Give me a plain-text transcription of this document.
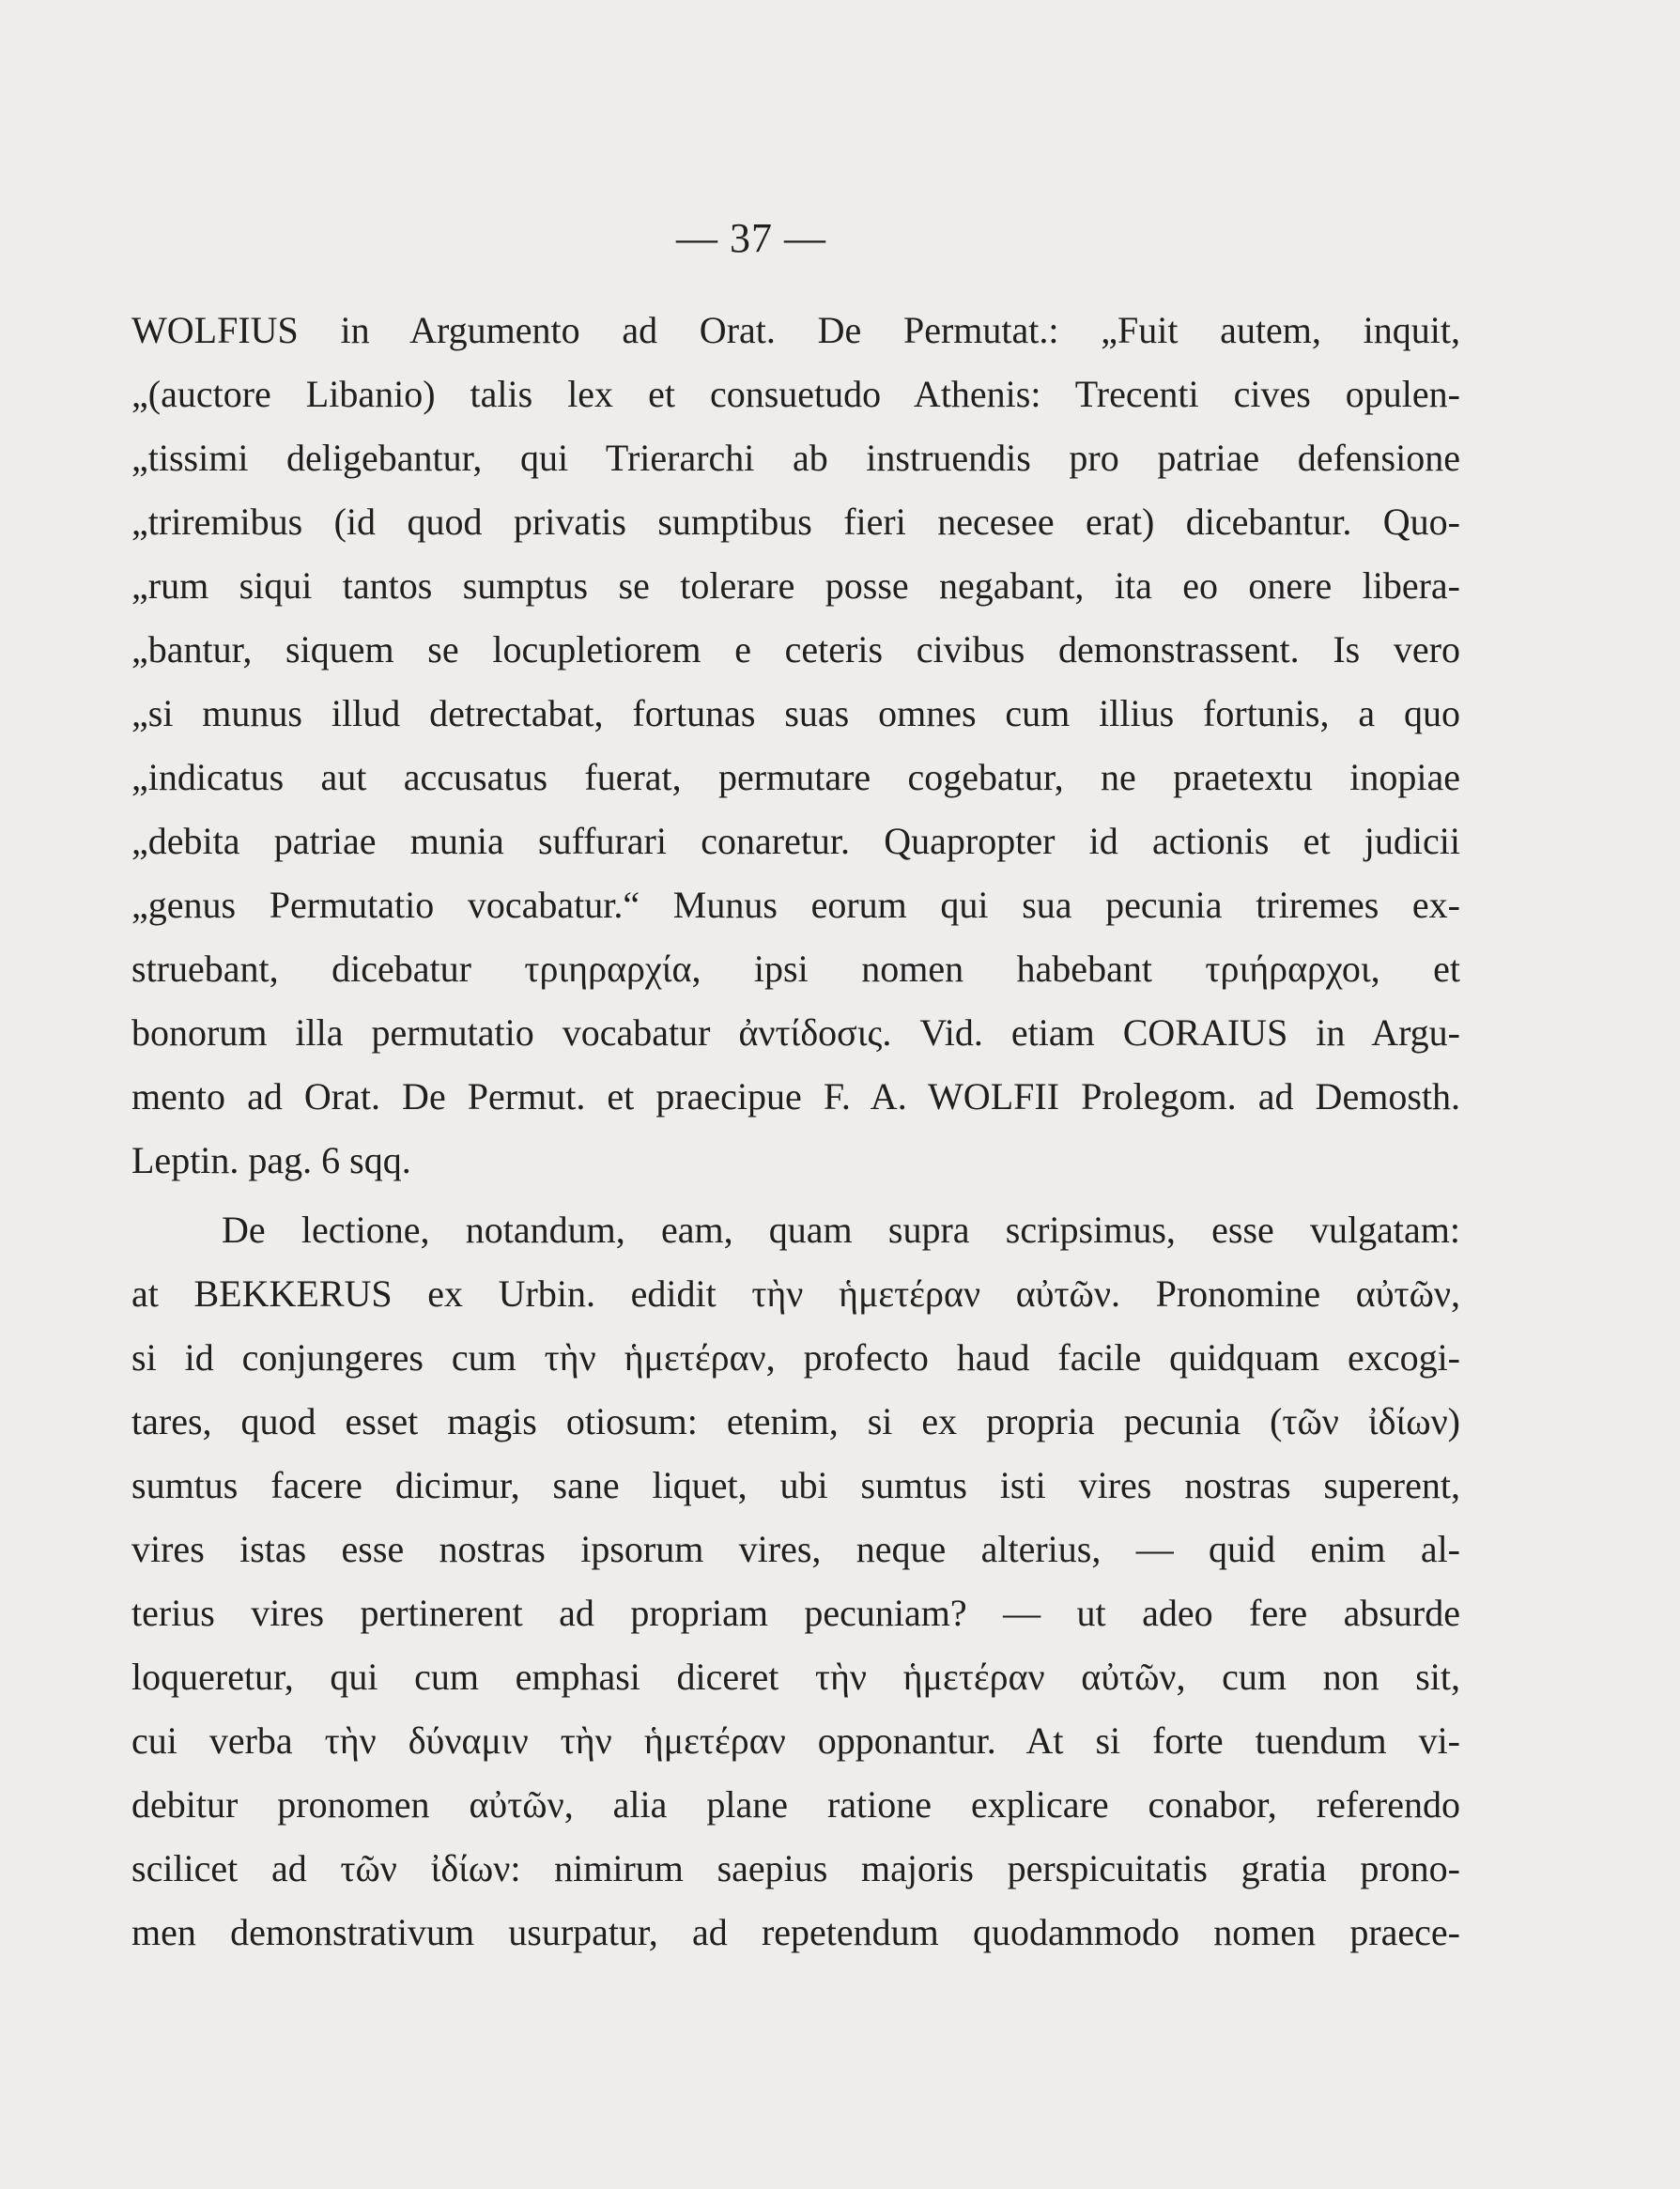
— 37 —
WOLFIUS in Argumento ad Orat. De Permutat.: „Fuit autem, inquit,
„(auctore Libanio) talis lex et consuetudo Athenis: Trecenti cives opulen-
„tissimi deligebantur, qui Trierarchi ab instruendis pro patriae defensione
„triremibus (id quod privatis sumptibus fieri necesee erat) dicebantur. Quo-
„rum siqui tantos sumptus se tolerare posse negabant, ita eo onere libera-
„bantur, siquem se locupletiorem e ceteris civibus demonstrassent. Is vero
„si munus illud detrectabat, fortunas suas omnes cum illius fortunis, a quo
„indicatus aut accusatus fuerat, permutare cogebatur, ne praetextu inopiae
„debita patriae munia suffurari conaretur. Quapropter id actionis et judicii
„genus Permutatio vocabatur.“ Munus eorum qui sua pecunia triremes ex-
struebant, dicebatur τριηραρχία, ipsi nomen habebant τριήραρχοι, et
bonorum illa permutatio vocabatur ἀντίδοσις. Vid. etiam CORAIUS in Argu-
mento ad Orat. De Permut. et praecipue F. A. WOLFII Prolegom. ad Demosth.
Leptin. pag. 6 sqq.
De lectione, notandum, eam, quam supra scripsimus, esse vulgatam:
at BEKKERUS ex Urbin. edidit τὴν ἡμετέραν αὐτῶν. Pronomine αὐτῶν,
si id conjungeres cum τὴν ἡμετέραν, profecto haud facile quidquam excogi-
tares, quod esset magis otiosum: etenim, si ex propria pecunia (τῶν ἰδίων)
sumtus facere dicimur, sane liquet, ubi sumtus isti vires nostras superent,
vires istas esse nostras ipsorum vires, neque alterius, — quid enim al-
terius vires pertinerent ad propriam pecuniam? — ut adeo fere absurde
loqueretur, qui cum emphasi diceret τὴν ἡμετέραν αὐτῶν, cum non sit,
cui verba τὴν δύναμιν τὴν ἡμετέραν opponantur. At si forte tuendum vi-
debitur pronomen αὐτῶν, alia plane ratione explicare conabor, referendo
scilicet ad τῶν ἰδίων: nimirum saepius majoris perspicuitatis gratia prono-
men demonstrativum usurpatur, ad repetendum quodammodo nomen praece-
